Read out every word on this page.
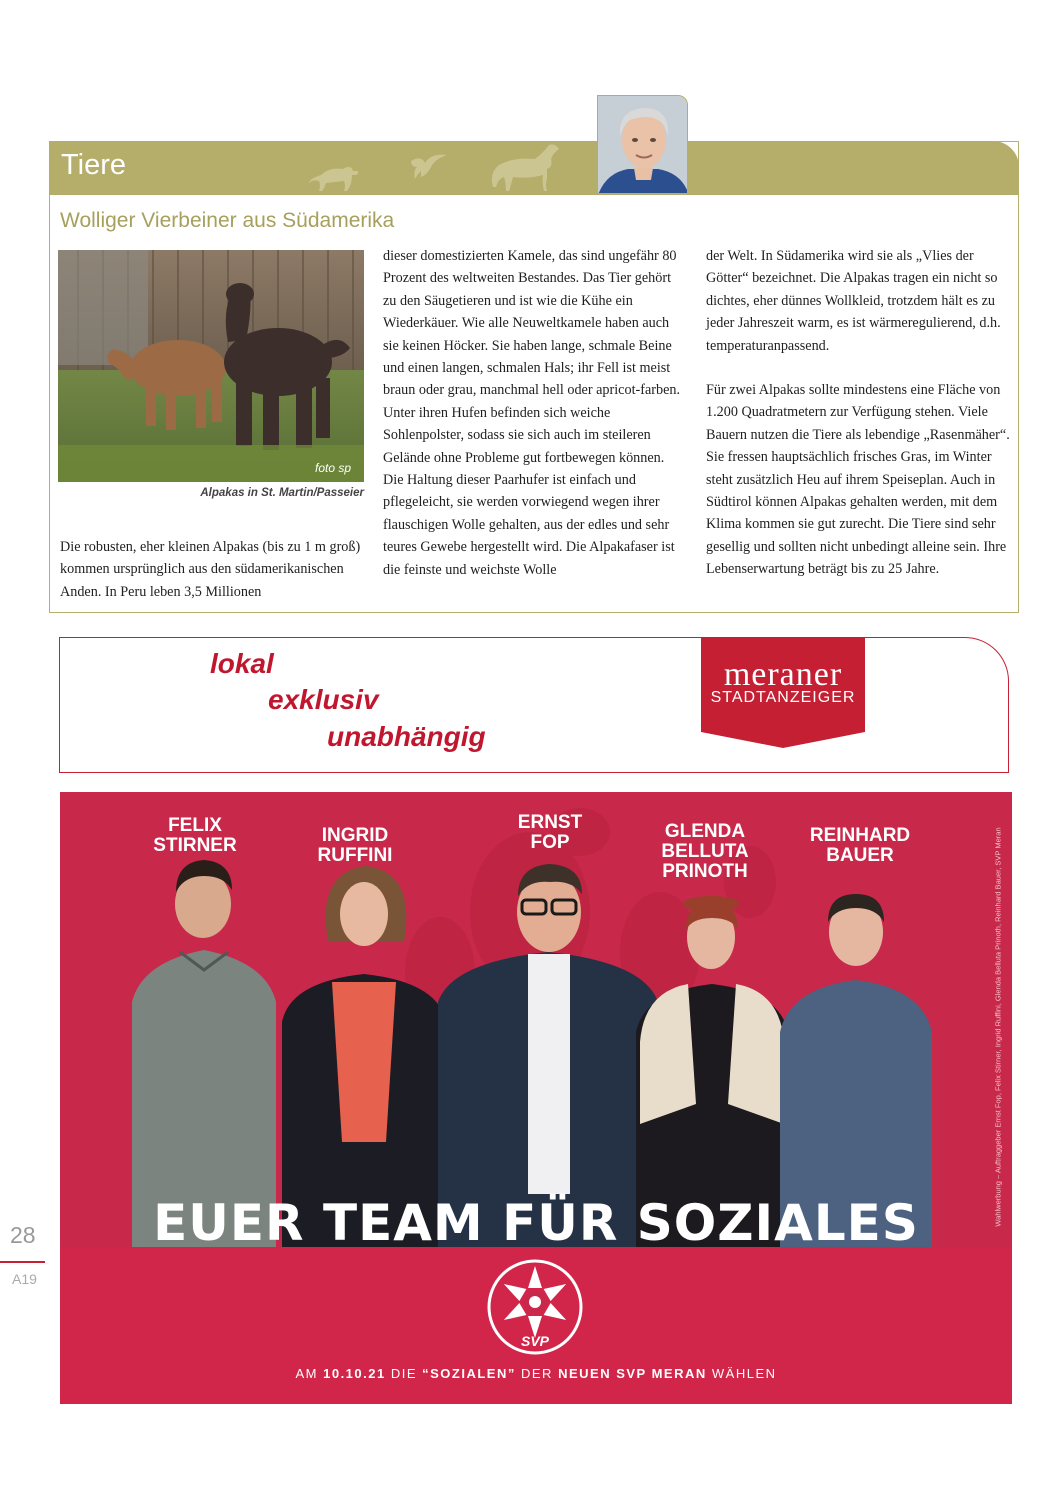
Tiere
Wolliger Vierbeiner aus Südamerika
foto sp
Alpakas in St. Martin/Passeier

Die robusten, eher kleinen Alpakas (bis zu 1 m groß) kommen ursprünglich aus den südamerikanischen Anden. In Peru leben 3,5 Millionen

dieser domestizierten Kamele, das sind ungefähr 80 Prozent des weltweiten Bestandes. Das Tier gehört zu den Säugetieren und ist wie die Kühe ein Wiederkäuer. Wie alle Neuweltkamele haben auch sie keinen Höcker. Sie haben lange, schmale Beine und einen langen, schmalen Hals; ihr Fell ist meist braun oder grau, manchmal hell oder apricot-farben. Unter ihren Hufen befinden sich weiche Sohlenpolster, sodass sie sich auch im steileren Gelände ohne Probleme gut fortbewegen können.

Die Haltung dieser Paarhufer ist einfach und pflegeleicht, sie werden vorwiegend wegen ihrer flauschigen Wolle gehalten, aus der edles und sehr teures Gewebe hergestellt wird. Die Alpakafaser ist die feinste und weichste Wolle

der Welt. In Südamerika wird sie als „Vlies der Götter“ bezeichnet. Die Alpakas tragen ein nicht so dichtes, eher dünnes Wollkleid, trotzdem hält es zu jeder Jahreszeit warm, es ist wärmeregulierend, d.h. temperaturanpassend.

Für zwei Alpakas sollte mindestens eine Fläche von 1.200 Quadratmetern zur Verfügung stehen. Viele Bauern nutzen die Tiere als lebendige „Rasenmäher“. Sie fressen hauptsächlich frisches Gras, im Winter steht zusätzlich Heu auf ihrem Speiseplan. Auch in Südtirol können Alpakas gehalten werden, mit dem Klima kommen sie gut zurecht. Die Tiere sind sehr gesellig und sollten nicht unbedingt alleine sein. Ihre Lebenserwartung beträgt bis zu 25 Jahre.

lokal
exklusiv
unabhängig
meraner
STADTANZEIGER
FELIX
STIRNER	INGRID
RUFFINI
ERNST
FOP
GLENDA
BELLUTA
PRINOTH
REINHARD
BAUER
EUER TEAM FÜR SOZIALES
SVP
AM 10.10.21 DIE “SOZIALEN” DER NEUEN SVP MERAN WÄHLEN
Wahlwerbung – Auftraggeber Ernst Fop, Felix Stirner, Ingrid Ruffini, Glenda Belluta Prinoth, Reinhard Bauer, SVP Meran
28
A19
